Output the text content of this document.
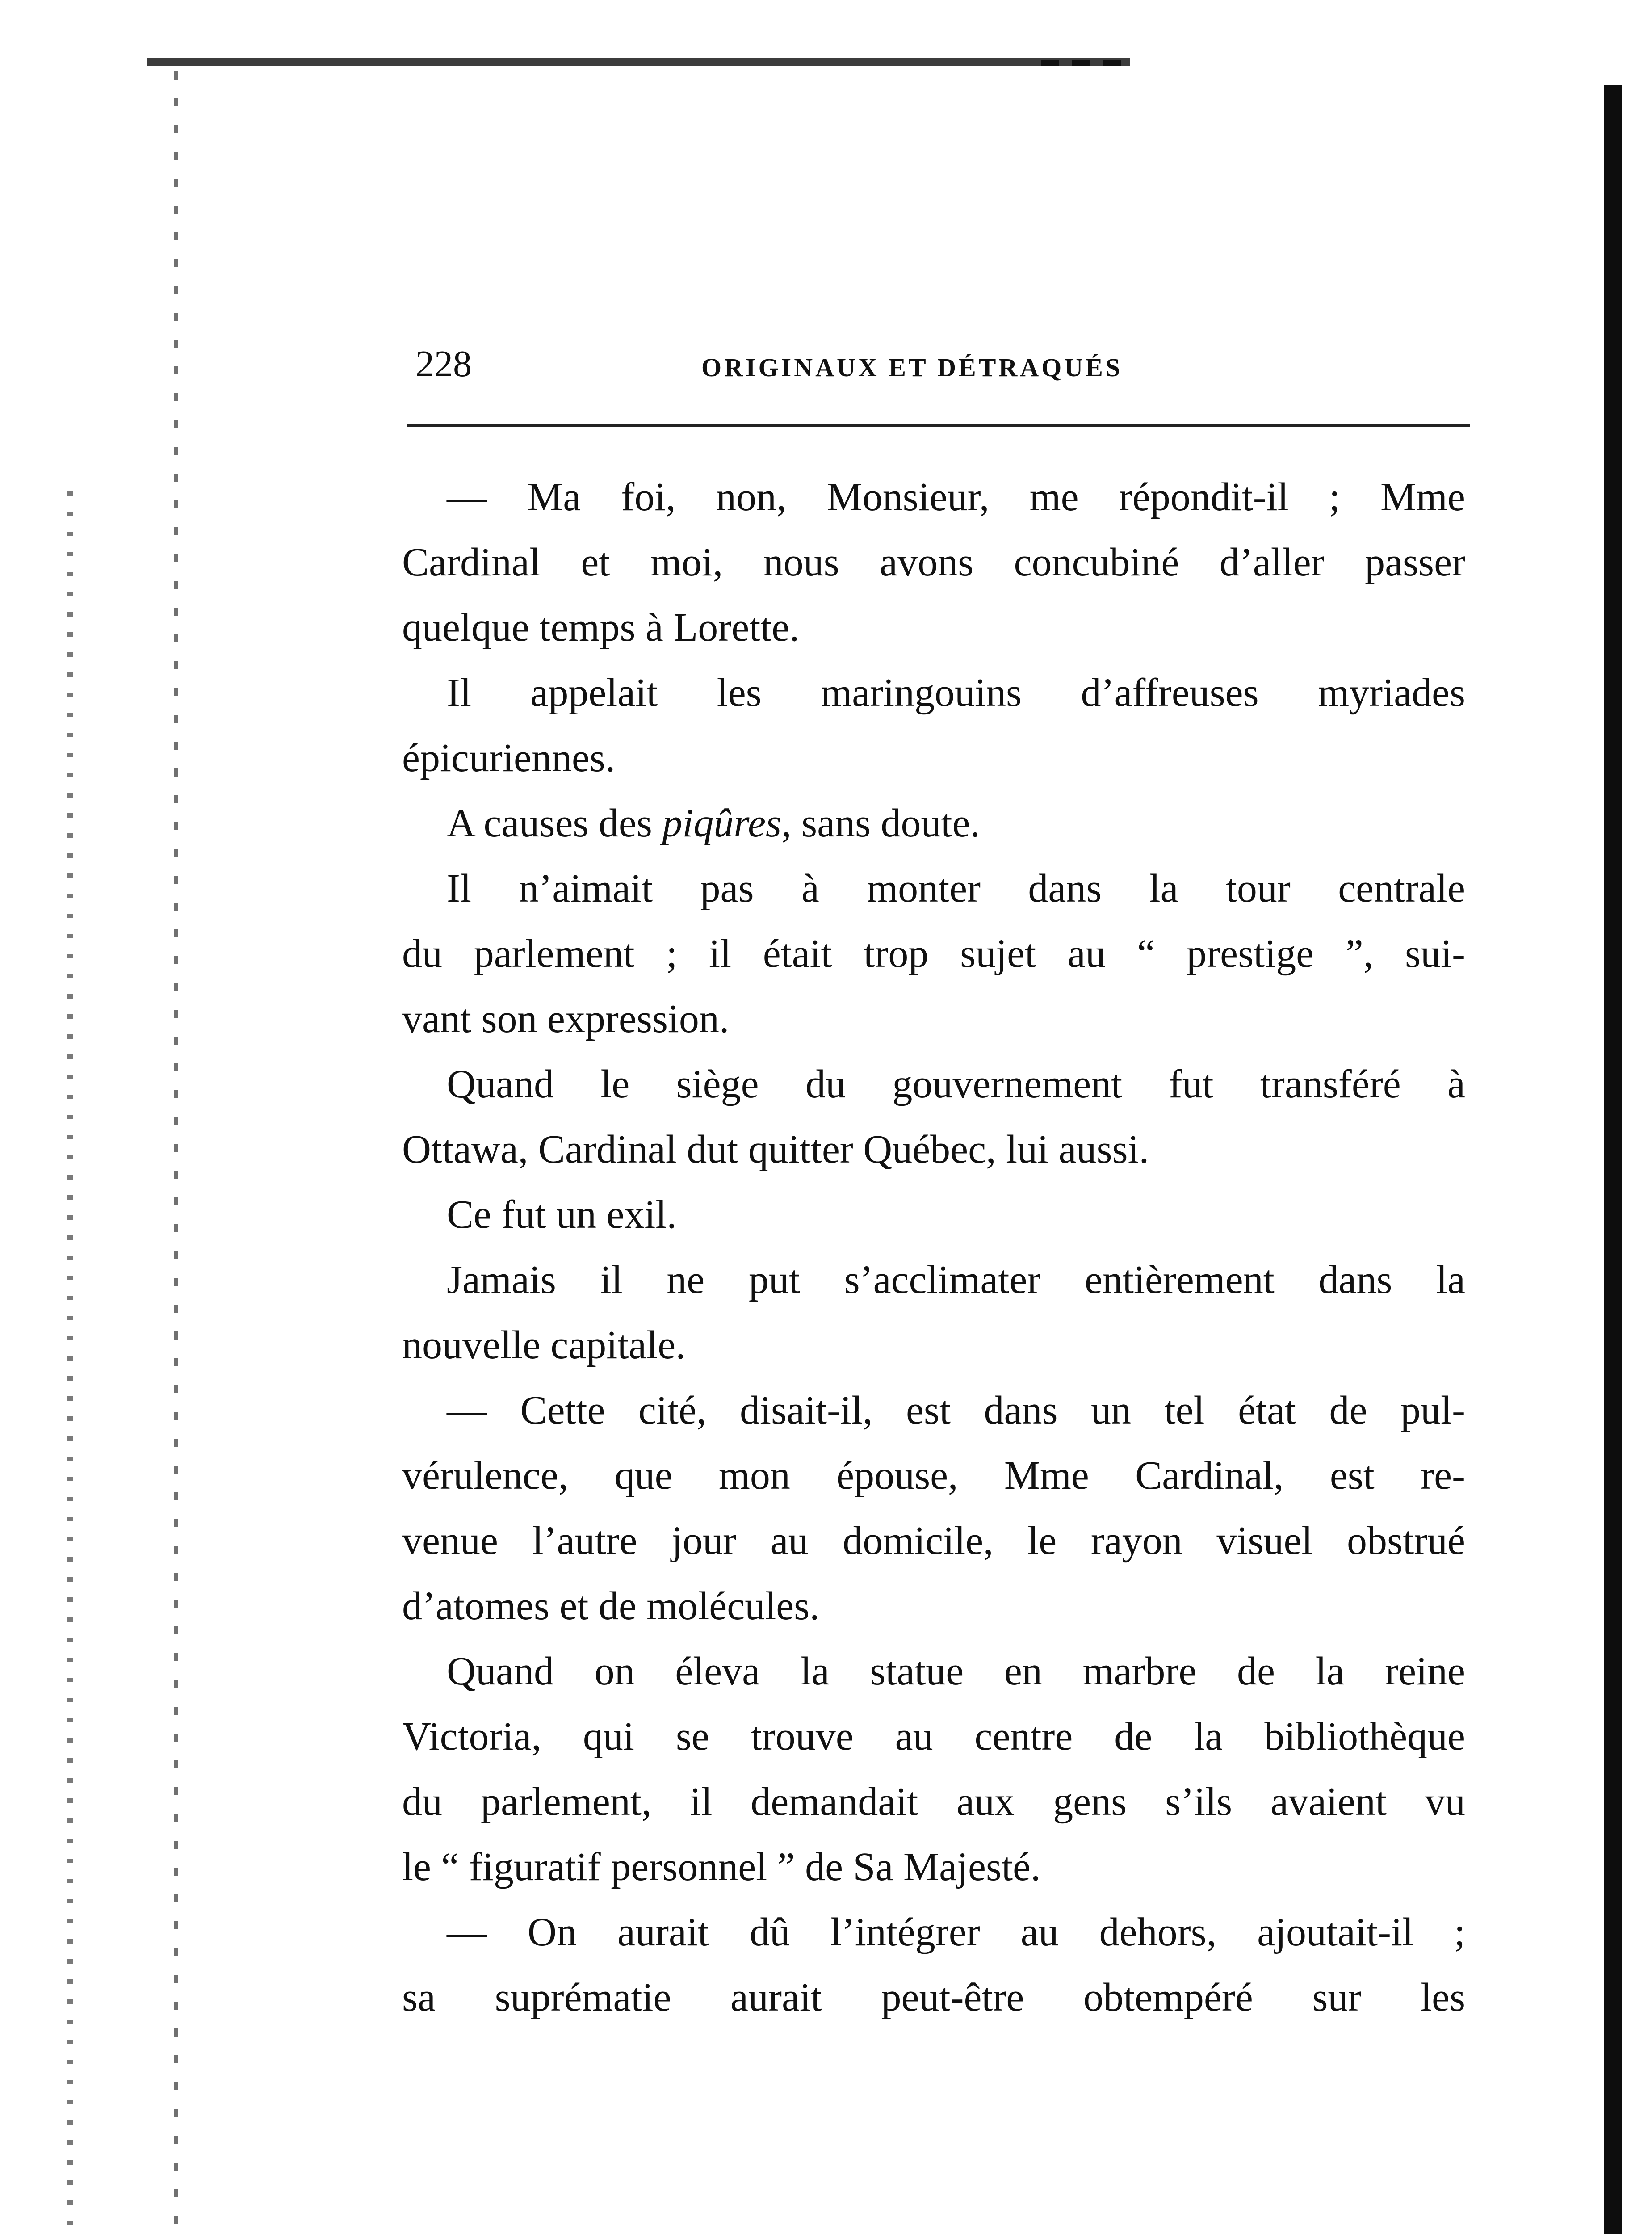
228	ORIGINAUX ET DÉTRAQUÉS

— Ma foi, non, Monsieur, me répondit-il ; Mme
Cardinal et moi, nous avons concubiné d’aller passer
quelque temps à Lorette.

Il appelait les maringouins d’affreuses myriades
épicuriennes.

A causes des piqûres, sans doute.

Il n’aimait pas à monter dans la tour centrale
du parlement ; il était trop sujet au “ prestige ”, sui-
vant son expression.

Quand le siège du gouvernement fut transféré à
Ottawa, Cardinal dut quitter Québec, lui aussi.

Ce fut un exil.

Jamais il ne put s’acclimater entièrement dans la
nouvelle capitale.

— Cette cité, disait-il, est dans un tel état de pul-
vérulence, que mon épouse, Mme Cardinal, est re-
venue l’autre jour au domicile, le rayon visuel obstrué
d’atomes et de molécules.

Quand on éleva la statue en marbre de la reine
Victoria, qui se trouve au centre de la bibliothèque
du parlement, il demandait aux gens s’ils avaient vu
le “ figuratif personnel ” de Sa Majesté.

— On aurait dû l’intégrer au dehors, ajoutait-il ;
sa suprématie aurait peut-être obtempéré sur les
